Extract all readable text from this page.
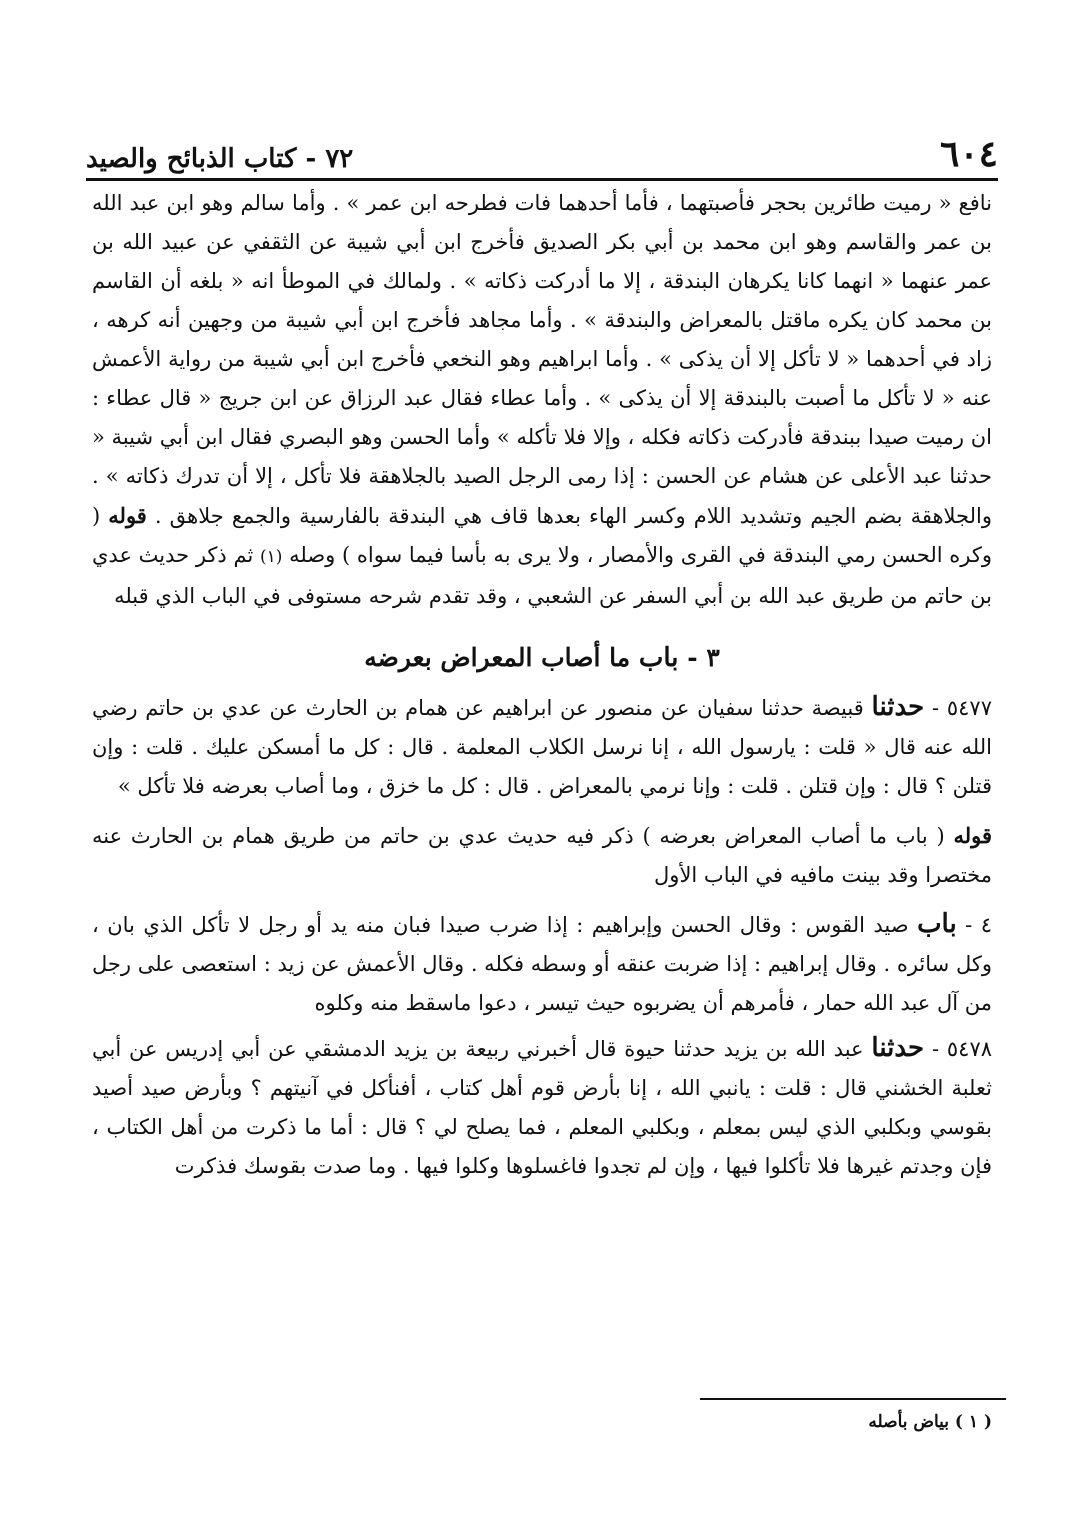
٦٠٤
٧٢ - كتاب الذبائح والصيد

نافع « رميت طائرين بحجر فأصبتهما ، فأما أحدهما فات فطرحه ابن عمر » . وأما سالم وهو ابن عبد الله بن عمر والقاسم وهو ابن محمد بن أبي بكر الصديق فأخرج ابن أبي شيبة عن الثقفي عن عبيد الله بن عمر عنهما « انهما كانا يكرهان البندقة ، إلا ما أدركت ذكاته » . ولمالك في الموطأ انه « بلغه أن القاسم بن محمد كان يكره ماقتل بالمعراض والبندقة » . وأما مجاهد فأخرج ابن أبي شيبة من وجهين أنه كرهه ، زاد في أحدهما « لا تأكل إلا أن يذكى » . وأما ابراهيم وهو النخعي فأخرج ابن أبي شيبة من رواية الأعمش عنه « لا تأكل ما أصبت بالبندقة إلا أن يذكى » . وأما عطاء فقال عبد الرزاق عن ابن جريج « قال عطاء : ان رميت صيدا ببندقة فأدركت ذكاته فكله ، وإلا فلا تأكله » وأما الحسن وهو البصري فقال ابن أبي شيبة « حدثنا عبد الأعلى عن هشام عن الحسن : إذا رمى الرجل الصيد بالجلاهقة فلا تأكل ، إلا أن تدرك ذكاته » . والجلاهقة بضم الجيم وتشديد اللام وكسر الهاء بعدها قاف هي البندقة بالفارسية والجمع جلاهق . قوله ( وكره الحسن رمي البندقة في القرى والأمصار ، ولا يرى به بأسا فيما سواه ) وصله (١) ثم ذكر حديث عدي بن حاتم من طريق عبد الله بن أبي السفر عن الشعبي ، وقد تقدم شرحه مستوفى في الباب الذي قبله

٣ - باب ما أصاب المعراض بعرضه

٥٤٧٧ - حدثنا قبيصة حدثنا سفيان عن منصور عن ابراهيم عن همام بن الحارث عن عدي بن حاتم رضي الله عنه قال « قلت : يارسول الله ، إنا نرسل الكلاب المعلمة . قال : كل ما أمسكن عليك . قلت : وإن قتلن ؟ قال : وإن قتلن . قلت : وإنا نرمي بالمعراض . قال : كل ما خزق ، وما أصاب بعرضه فلا تأكل »

قوله ( باب ما أصاب المعراض بعرضه ) ذكر فيه حديث عدي بن حاتم من طريق همام بن الحارث عنه مختصرا وقد بينت مافيه في الباب الأول

٤ - باب صيد القوس : وقال الحسن وإبراهيم : إذا ضرب صيدا فبان منه يد أو رجل لا تأكل الذي بان ، وكل سائره . وقال إبراهيم : إذا ضربت عنقه أو وسطه فكله . وقال الأعمش عن زيد : استعصى على رجل من آل عبد الله حمار ، فأمرهم أن يضربوه حيث تيسر ، دعوا ماسقط منه وكلوه

٥٤٧٨ - حدثنا عبد الله بن يزيد حدثنا حيوة قال أخبرني ربيعة بن يزيد الدمشقي عن أبي إدريس عن أبي ثعلبة الخشني قال : قلت : يانبي الله ، إنا بأرض قوم أهل كتاب ، أفنأكل في آنيتهم ؟ وبأرض صيد أصيد بقوسي وبكلبي الذي ليس بمعلم ، وبكلبي المعلم ، فما يصلح لي ؟ قال : أما ما ذكرت من أهل الكتاب ، فإن وجدتم غيرها فلا تأكلوا فيها ، وإن لم تجدوا فاغسلوها وكلوا فيها . وما صدت بقوسك فذكرت

( ١ ) بياض بأصله
